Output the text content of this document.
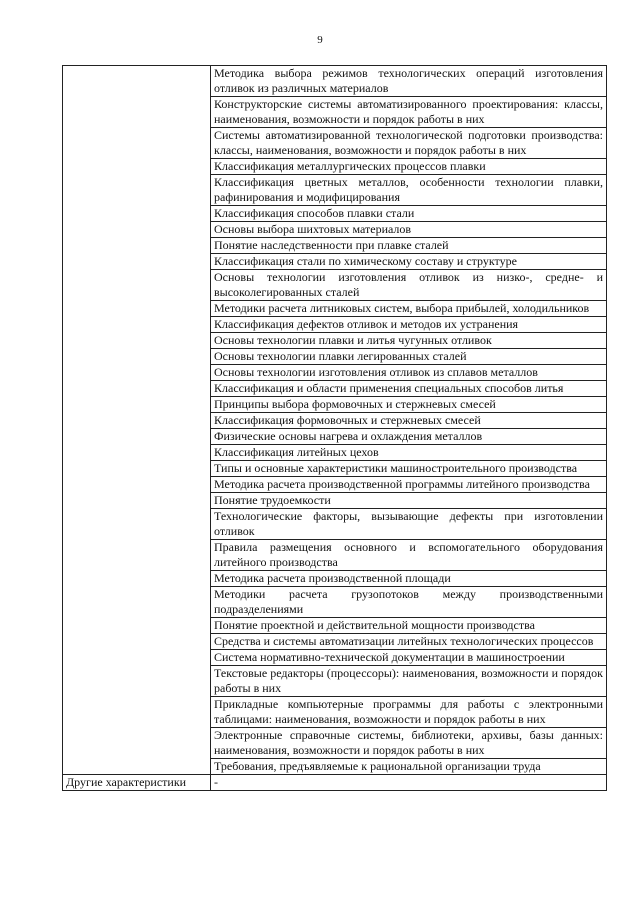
9
	Методика выбора режимов технологических операций изготовления отливок из различных материалов
	Конструкторские системы автоматизированного проектирования: классы, наименования, возможности и порядок работы в них
	Системы автоматизированной технологической подготовки производства: классы, наименования, возможности и порядок работы в них
	Классификация металлургических процессов плавки
	Классификация цветных металлов, особенности технологии плавки, рафинирования и модифицирования
	Классификация способов плавки стали
	Основы выбора шихтовых материалов
	Понятие наследственности при плавке сталей
	Классификация стали по химическому составу и структуре
	Основы технологии изготовления отливок из низко-, средне- и высоколегированных сталей
	Методики расчета литниковых систем, выбора прибылей, холодильников
	Классификация дефектов отливок и методов их устранения
	Основы технологии плавки и литья чугунных отливок
	Основы технологии плавки легированных сталей
	Основы технологии изготовления отливок из сплавов металлов
	Классификация и области применения специальных способов литья
	Принципы выбора формовочных и стержневых смесей
	Классификация формовочных и стержневых смесей
	Физические основы нагрева и охлаждения металлов
	Классификация литейных цехов
	Типы и основные характеристики машиностроительного производства
	Методика расчета производственной программы литейного производства
	Понятие трудоемкости
	Технологические факторы, вызывающие дефекты при изготовлении отливок
	Правила размещения основного и вспомогательного оборудования литейного производства
	Методика расчета производственной площади
	Методики расчета грузопотоков между производственными подразделениями
	Понятие проектной и действительной мощности производства
	Средства и системы автоматизации литейных технологических процессов
	Система нормативно-технической документации в машиностроении
	Текстовые редакторы (процессоры): наименования, возможности и порядок работы в них
	Прикладные компьютерные программы для работы с электронными таблицами: наименования, возможности и порядок работы в них
	Электронные справочные системы, библиотеки, архивы, базы данных: наименования, возможности и порядок работы в них
	Требования, предъявляемые к рациональной организации труда
Другие характеристики	-
